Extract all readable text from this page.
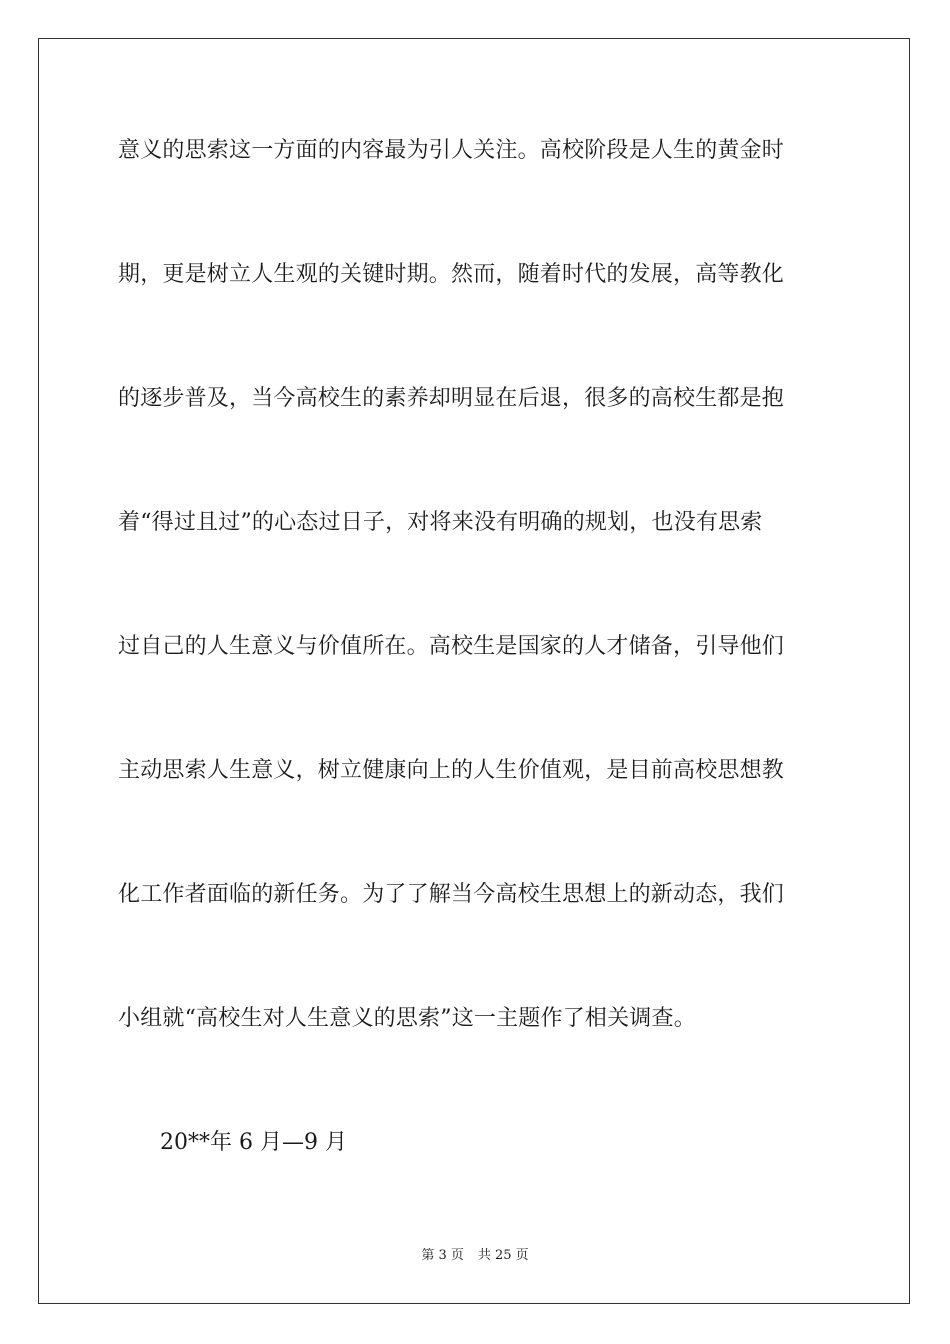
意义的思索这一方面的内容最为引人关注。高校阶段是人生的黄金时
期，更是树立人生观的关键时期。然而，随着时代的发展，高等教化
的逐步普及，当今高校生的素养却明显在后退，很多的高校生都是抱
着“得过且过”的心态过日子，对将来没有明确的规划，也没有思索
过自己的人生意义与价值所在。高校生是国家的人才储备，引导他们
主动思索人生意义，树立健康向上的人生价值观，是目前高校思想教
化工作者面临的新任务。为了了解当今高校生思想上的新动态，我们
小组就“高校生对人生意义的思索”这一主题作了相关调查。
20**年 6 月—9 月
第 3 页 共 25 页
